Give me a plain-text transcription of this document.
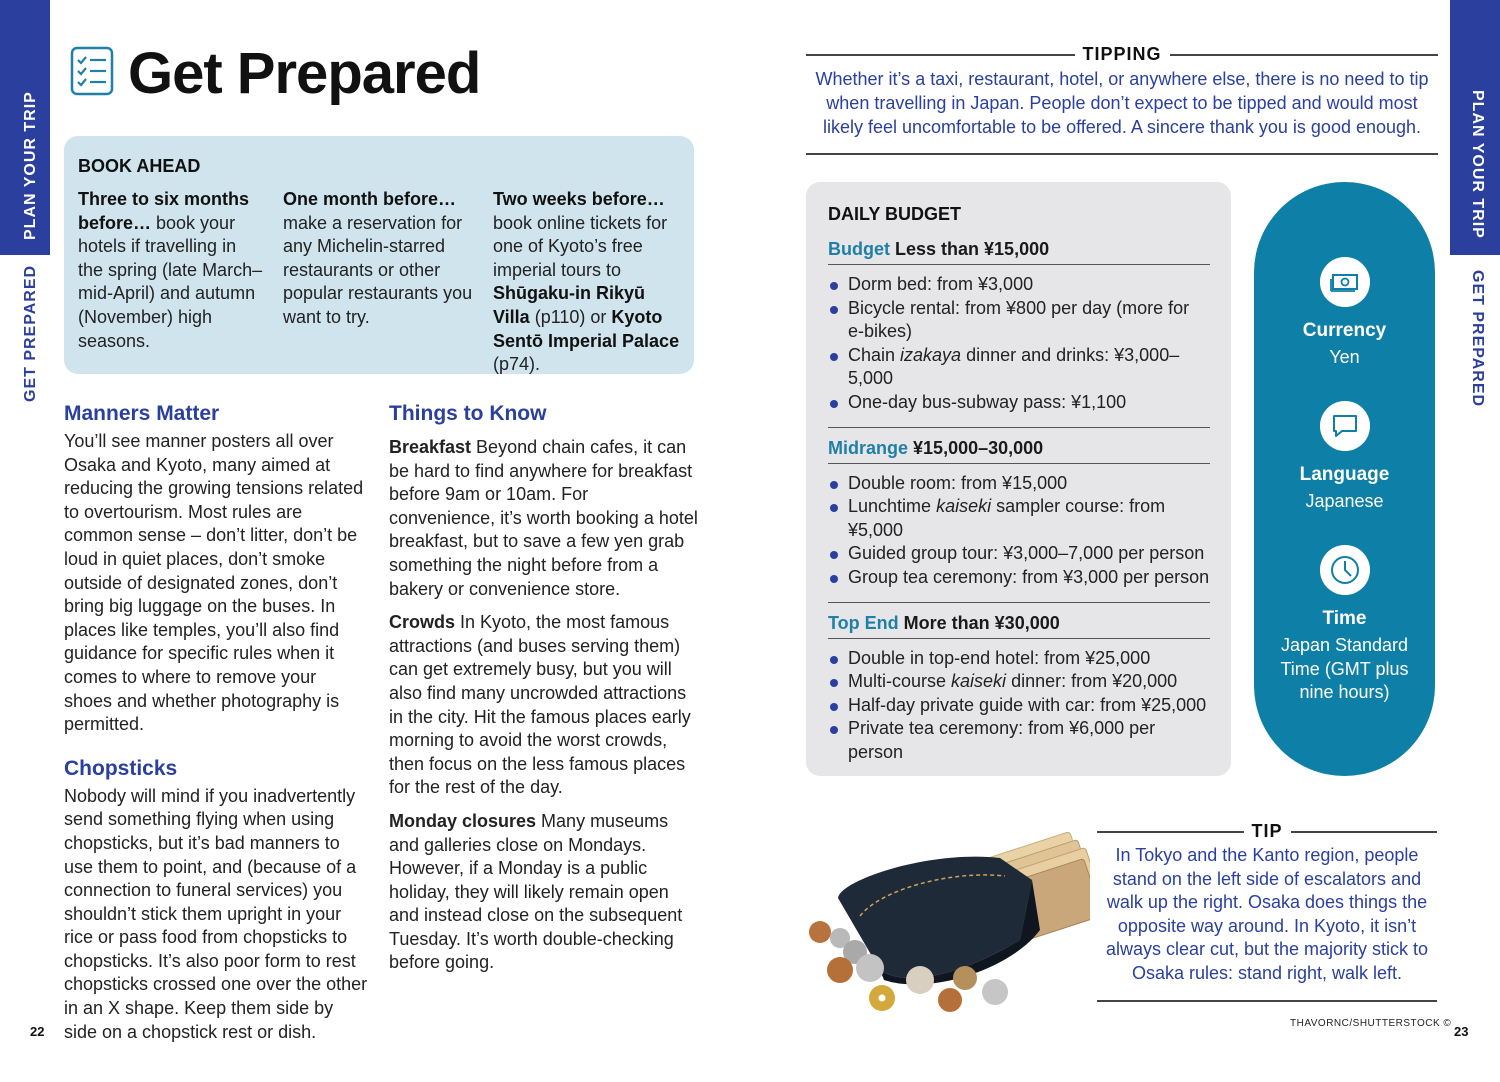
PLAN YOUR TRIP
GET PREPARED
PLAN YOUR TRIP
GET PREPARED
Get Prepared
BOOK AHEAD
Three to six months before… book your hotels if travelling in the spring (late March–mid-April) and autumn (November) high seasons.
One month before… make a reservation for any Michelin-starred restaurants or other popular restaurants you want to try.
Two weeks before… book online tickets for one of Kyoto’s free imperial tours to Shūgaku-in Rikyū Villa (p110) or Kyoto Sentō Imperial Palace (p74).
Manners Matter
You’ll see manner posters all over Osaka and Kyoto, many aimed at reducing the growing tensions related to overtourism. Most rules are common sense – don’t litter, don’t be loud in quiet places, don’t smoke outside of designated zones, don’t bring big luggage on the buses. In places like temples, you’ll also find guidance for specific rules when it comes to where to remove your shoes and whether photography is permitted.
Chopsticks
Nobody will mind if you inadvertently send something flying when using chopsticks, but it’s bad manners to use them to point, and (because of a connection to funeral services) you shouldn’t stick them upright in your rice or pass food from chopsticks to chopsticks. It’s also poor form to rest chopsticks crossed one over the other in an X shape. Keep them side by side on a chopstick rest or dish.
Things to Know

Breakfast Beyond chain cafes, it can be hard to find anywhere for breakfast before 9am or 10am. For convenience, it’s worth booking a hotel breakfast, but to save a few yen grab something the night before from a bakery or convenience store.

Crowds In Kyoto, the most famous attractions (and buses serving them) can get extremely busy, but you will also find many uncrowded attractions in the city. Hit the famous places early morning to avoid the worst crowds, then focus on the less famous places for the rest of the day.

Monday closures Many museums and galleries close on Mondays. However, if a Monday is a public holiday, they will likely remain open and instead close on the subsequent Tuesday. It’s worth double-checking before going.

22	23
TIPPING
Whether it’s a taxi, restaurant, hotel, or anywhere else, there is no need to tip when travelling in Japan. People don’t expect to be tipped and would most likely feel uncomfortable to be offered. A sincere thank you is good enough.
DAILY BUDGET
Budget Less than ¥15,000
Dorm bed: from ¥3,000
Bicycle rental: from ¥800 per day (more for e-bikes)
Chain izakaya dinner and drinks: ¥3,000–5,000
One-day bus-subway pass: ¥1,100
Midrange ¥15,000–30,000
Double room: from ¥15,000
Lunchtime kaiseki sampler course: from ¥5,000
Guided group tour: ¥3,000–7,000 per person
Group tea ceremony: from ¥3,000 per person
Top End More than ¥30,000
Double in top-end hotel: from ¥25,000
Multi-course kaiseki dinner: from ¥20,000
Half-day private guide with car: from ¥25,000
Private tea ceremony: from ¥6,000 per person
Currency
Yen
Language
Japanese
Time
Japan Standard Time (GMT plus nine hours)
TIP
In Tokyo and the Kanto region, people stand on the left side of escalators and walk up the right. Osaka does things the opposite way around. In Kyoto, it isn’t always clear cut, but the majority stick to Osaka rules: stand right, walk left.
THAVORNC/SHUTTERSTOCK ©
